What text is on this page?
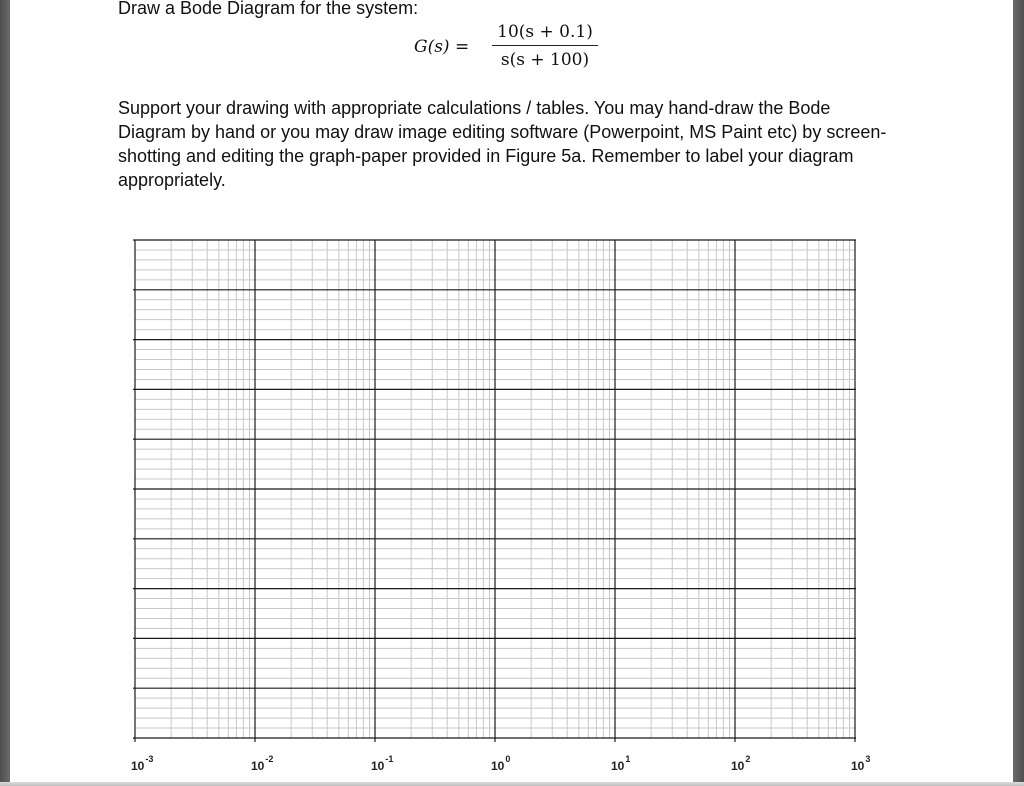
Draw a Bode Diagram for the system:

G(s) =
10(s + 0.1)
s(s + 100)

Support your drawing with appropriate calculations / tables. You may hand-draw the Bode Diagram by hand or you may draw image editing software (Powerpoint, MS Paint etc) by screen-shotting and editing the graph-paper provided in Figure 5a. Remember to label your diagram appropriately.

$10^{-3}$	$10^{-2}$	$10^{-1}$	$10^0$	$10^1$	$10^2$	$10^3$
